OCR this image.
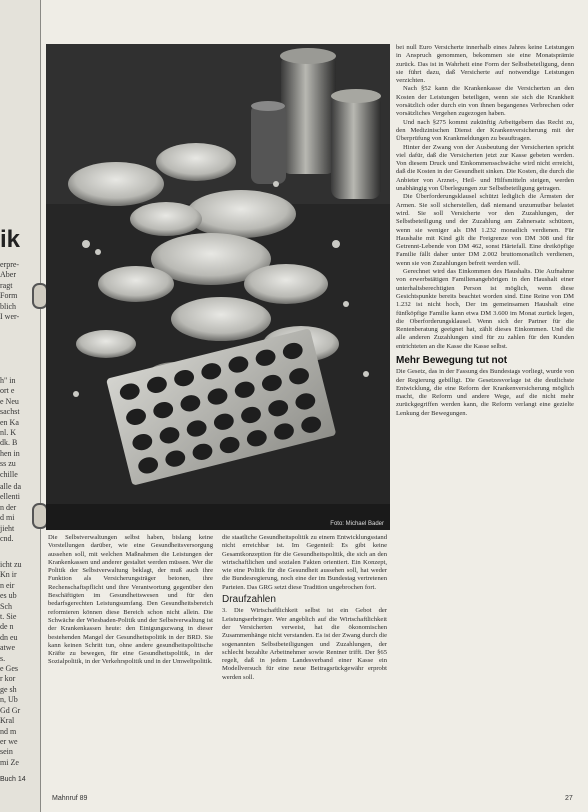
ik
erpre-
Aber
ragt
Form
blich
I wer-
h" in
ort e
e Neu
sachst
en Ka
nl. K
dk. B
hen in
ss zu
chille
alle da
ellenti
n der
d mi
jieht
cnd.
icht zu
Kn ir
n eir
es ub
Sch
t. Sie
de n
dn eu
atwe
s.
e Ges
r kor
ge sh
n, Ub
Gd Gr
Kral
nd m
er we
sein
mi Ze
Buch 14
Foto: Michael Bader

Die Selbstverwaltungen selbst haben, bislang keine Vorstellungen darüber, wie eine Gesundheitsversorgung aussehen soll, mit welchen Maßnahmen die Leistungen der Krankenkassen und anderer gestaltet werden müssen. Wer die Politik der Selbstverwaltung beklagt, der muß auch ihre Funktion als Versicherungsträger betonen, ihre Rechenschaftspflicht und ihre Verantwortung gegenüber den Beschäftigten im Gesundheitswesen und für den bedarfsgerechten Leistungsumfang. Den Gesundheitsbereich reformieren können diese Bereich schon nicht allein. Die Schwäche der Wiesbaden-Politik und der Selbstverwaltung ist der Krankenkassen heute: den Einigungszwang in dieser bestehenden Mangel der Gesundheitspolitik in der BRD. Sie kann keinen Schritt tun, ohne andere gesundheitspolitische Kräfte zu bewegen, für eine Gesundheitspolitik, in der Sozialpolitik, in der Verkehrspolitik und in der Umweltpolitik.

die staatliche Gesundheitspolitik zu einem Entwicklungsstand nicht erreichbar ist. Im Gegenteil: Es gibt keine Gesamtkonzeption für die Gesundheitspolitik, die sich an den wirtschaftlichen und sozialen Fakten orientiert. Ein Konzept, wie eine Politik für die Gesundheit aussehen soll, hat weder die Bundesregierung, noch eine der im Bundestag vertretenen Parteien. Das GRG setzt diese Tradition ungebrochen fort.

Draufzahlen

3. Die Wirtschaftlichkeit selbst ist ein Gebot der Leistungserbringer. Wer angeblich auf die Wirtschaftlichkeit der Versicherten verweist, hat die ökonomischen Zusammenhänge nicht verstanden. Es ist der Zwang durch die sogenannten Selbstbeteiligungen und Zuzahlungen, der schlecht bezahlte Arbeitnehmer sowie Rentner trifft. Der §65 regelt, daß in jedem Landesverband einer Kasse ein Modellversuch für eine neue Beitragsrückgewähr erprobt werden soll.

bei null Euro Versicherte innerhalb eines Jahres keine Leistungen in Anspruch genommen, bekommen sie eine Monatsprämie zurück. Das ist in Wahrheit eine Form der Selbstbeteiligung, denn sie führt dazu, daß Versicherte auf notwendige Leistungen verzichten.

Nach §52 kann die Krankenkasse die Versicherten an den Kosten der Leistungen beteiligen, wenn sie sich die Krankheit vorsätzlich oder durch ein von ihnen begangenes Verbrechen oder vorsätzliches Vergehen zugezogen haben.

Und nach §275 kommt zukünftig Arbeitgebern das Recht zu, den Medizinischen Dienst der Krankenversicherung mit der Überprüfung von Krankmeldungen zu beauftragen.

Hinter der Zwang von der Ausbeutung der Versicherten spricht viel dafür, daß die Versicherten jetzt zur Kasse gebeten werden. Von diesem Druck und Einkommensschwäche wird nicht erreicht, daß die Kosten in der Gesundheit sinken. Die Kosten, die durch die Anbieter von Arznei-, Heil- und Hilfsmitteln steigen, werden unabhängig von Überlegungen zur Selbstbeteiligung getragen.

Die Überforderungsklausel schützt lediglich die Ärmsten der Armen. Sie soll sicherstellen, daß niemand unzumutbar belastet wird. Sie soll Versicherte vor den Zuzahlungen, der Selbstbeteiligung und der Zuzahlung am Zahnersatz schützen, wenn sie weniger als DM 1.232 monatlich verdienen. Für Haushalte mit Kind gilt die Freigrenze von DM 308 und für Getrennt-Lebende von DM 462, sonst Härtefall. Eine dreiköpfige Familie fällt daher unter DM 2.002 bruttomonatlich verdienen, wenn sie von Zuzahlungen befreit werden will.

Gerechnet wird das Einkommen des Haushalts. Die Aufnahme von erwerbstätigen Familienangehörigen in den Haushalt einer unterhaltsberechtigten Person ist möglich, wenn diese Gesichtspunkte bereits beachtet worden sind. Eine Reine von DM 1.232 ist nicht hoch, Der im gemeinsamen Haushalt eine fünfköpfige Familie kann etwa DM 3.600 im Monat zurück legen, die Oberforderungsklausel. Wenn sich der Partner für die Rentenberatung geeignet hat, zählt dieses Einkommen. Und die alle anderen Zuzahlungen sind für zu zahlen für den Kunden entrichteten an die Kasse die Kasse selbst.

Mehr Bewegung tut not

Die Gesetz, das in der Fassung des Bundestags vorliegt, wurde von der Regierung gebilligt. Die Gesetzesvorlage ist die deutlichste Entwicklung, die eine Reform der Krankenversicherung möglich macht, die Reform und andere Wege, auf die nicht mehr zurückgegriffen werden kann, die Reform verlangt eine gezielte Lenkung der Bewegungen.

Mahnruf 89	27
